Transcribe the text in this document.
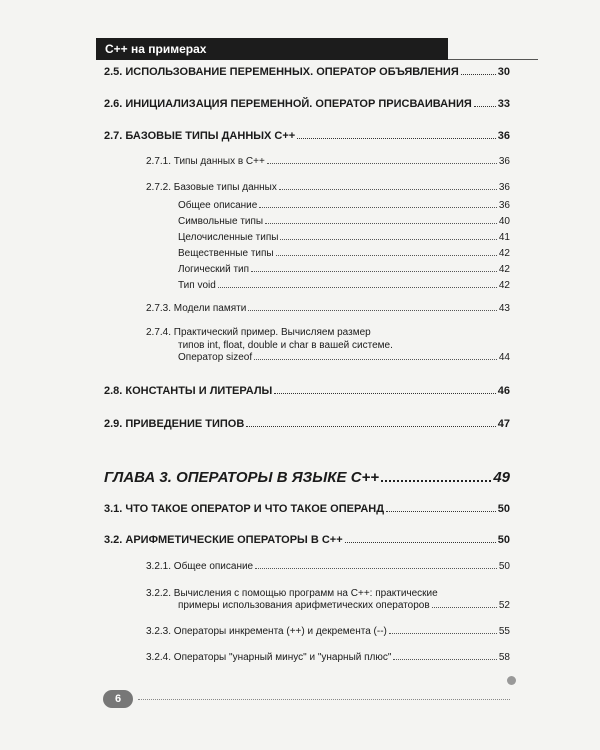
С++ на примерах
2.5. ИСПОЛЬЗОВАНИЕ ПЕРЕМЕННЫХ. ОПЕРАТОР ОБЪЯВЛЕНИЯ	30
2.6. ИНИЦИАЛИЗАЦИЯ ПЕРЕМЕННОЙ. ОПЕРАТОР ПРИСВАИВАНИЯ 33
2.7. БАЗОВЫЕ ТИПЫ ДАННЫХ С++	36
2.7.1. Типы данных в С++	36
2.7.2. Базовые типы данных	36
Общее описание	36
Символьные типы	40
Целочисленные типы	41
Вещественные типы	42
Логический тип	42
Тип void	42
2.7.3. Модели памяти	43
2.7.4. Практический пример. Вычисляем размер
типов int, float, double и char в вашей системе.
Оператор sizeof	44
2.8. КОНСТАНТЫ И ЛИТЕРАЛЫ	46
2.9. ПРИВЕДЕНИЕ ТИПОВ	47
ГЛАВА 3. ОПЕРАТОРЫ В ЯЗЫКЕ С++	49
3.1. ЧТО ТАКОЕ ОПЕРАТОР И ЧТО ТАКОЕ ОПЕРАНД	50
3.2. АРИФМЕТИЧЕСКИЕ ОПЕРАТОРЫ В С++	50
3.2.1. Общее описание	50
3.2.2. Вычисления с помощью программ на С++: практические
примеры использования арифметических операторов	52
3.2.3. Операторы инкремента (++) и декремента (--)	55
3.2.4. Операторы "унарный минус" и "унарный плюс"	58
6
